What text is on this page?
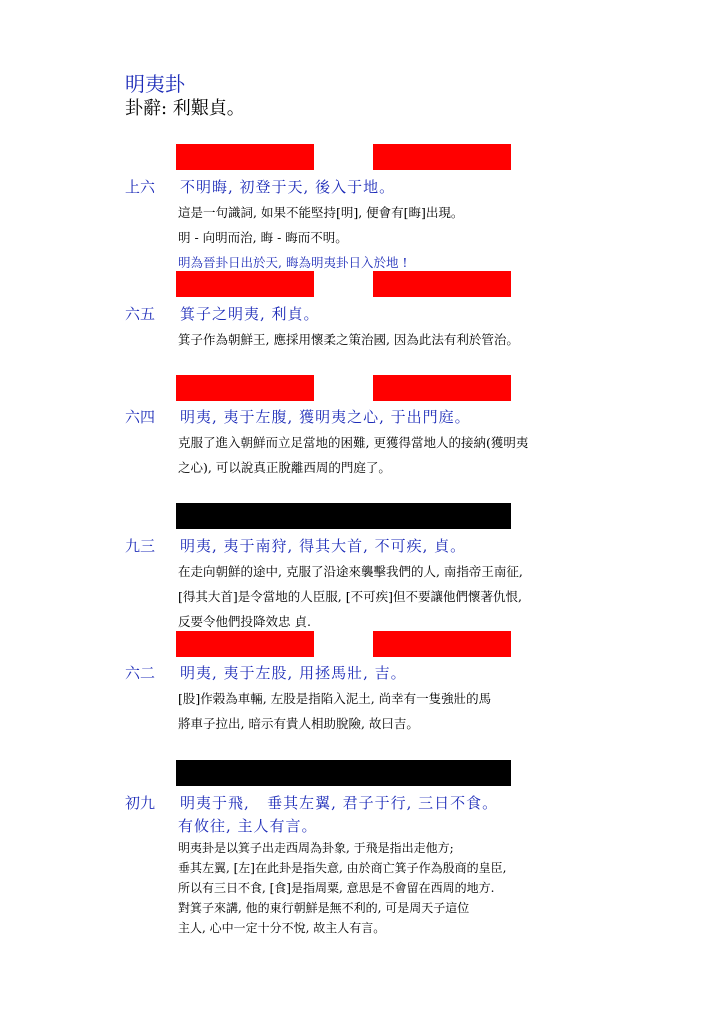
明夷卦
卦辭: 利艱貞。
上六 不明晦, 初登于天, 後入于地。
這是一句識詞, 如果不能堅持[明], 便會有[晦]出現。
明 - 向明而治, 晦 - 晦而不明。
明為晉卦日出於天, 晦為明夷卦日入於地 !
六五 箕子之明夷, 利貞。
箕子作為朝鮮王, 應採用懷柔之策治國, 因為此法有利於管治。
六四 明夷, 夷于左腹, 獲明夷之心, 于出門庭。
克服了進入朝鮮而立足當地的困難, 更獲得當地人的接納(獲明夷
之心), 可以說真正脫離西周的門庭了。
九三 明夷, 夷于南狩, 得其大首, 不可疾, 貞。
在走向朝鮮的途中, 克服了沿途來襲擊我們的人, 南指帝王南征,
[得其大首]是令當地的人臣服, [不可疾]但不要讓他們懷著仇恨,
反要令他們投降效忠 貞.
六二 明夷, 夷于左股, 用拯馬壯, 吉。
[股]作榖為車輛, 左股是指陷入泥土, 尚幸有一隻強壯的馬
將車子拉出, 暗示有貴人相助脫險, 故曰吉。
初九 明夷于飛,   垂其左翼, 君子于行, 三日不食。
有攸往, 主人有言。
明夷卦是以箕子出走西周為卦象, 于飛是指出走他方;
垂其左翼, [左]在此卦是指失意, 由於商亡箕子作為殷商的皇臣,
所以有三日不食, [食]是指周粟, 意思是不會留在西周的地方.
對箕子來講, 他的東行朝鮮是無不利的, 可是周天子這位
主人, 心中一定十分不悅, 故主人有言。
